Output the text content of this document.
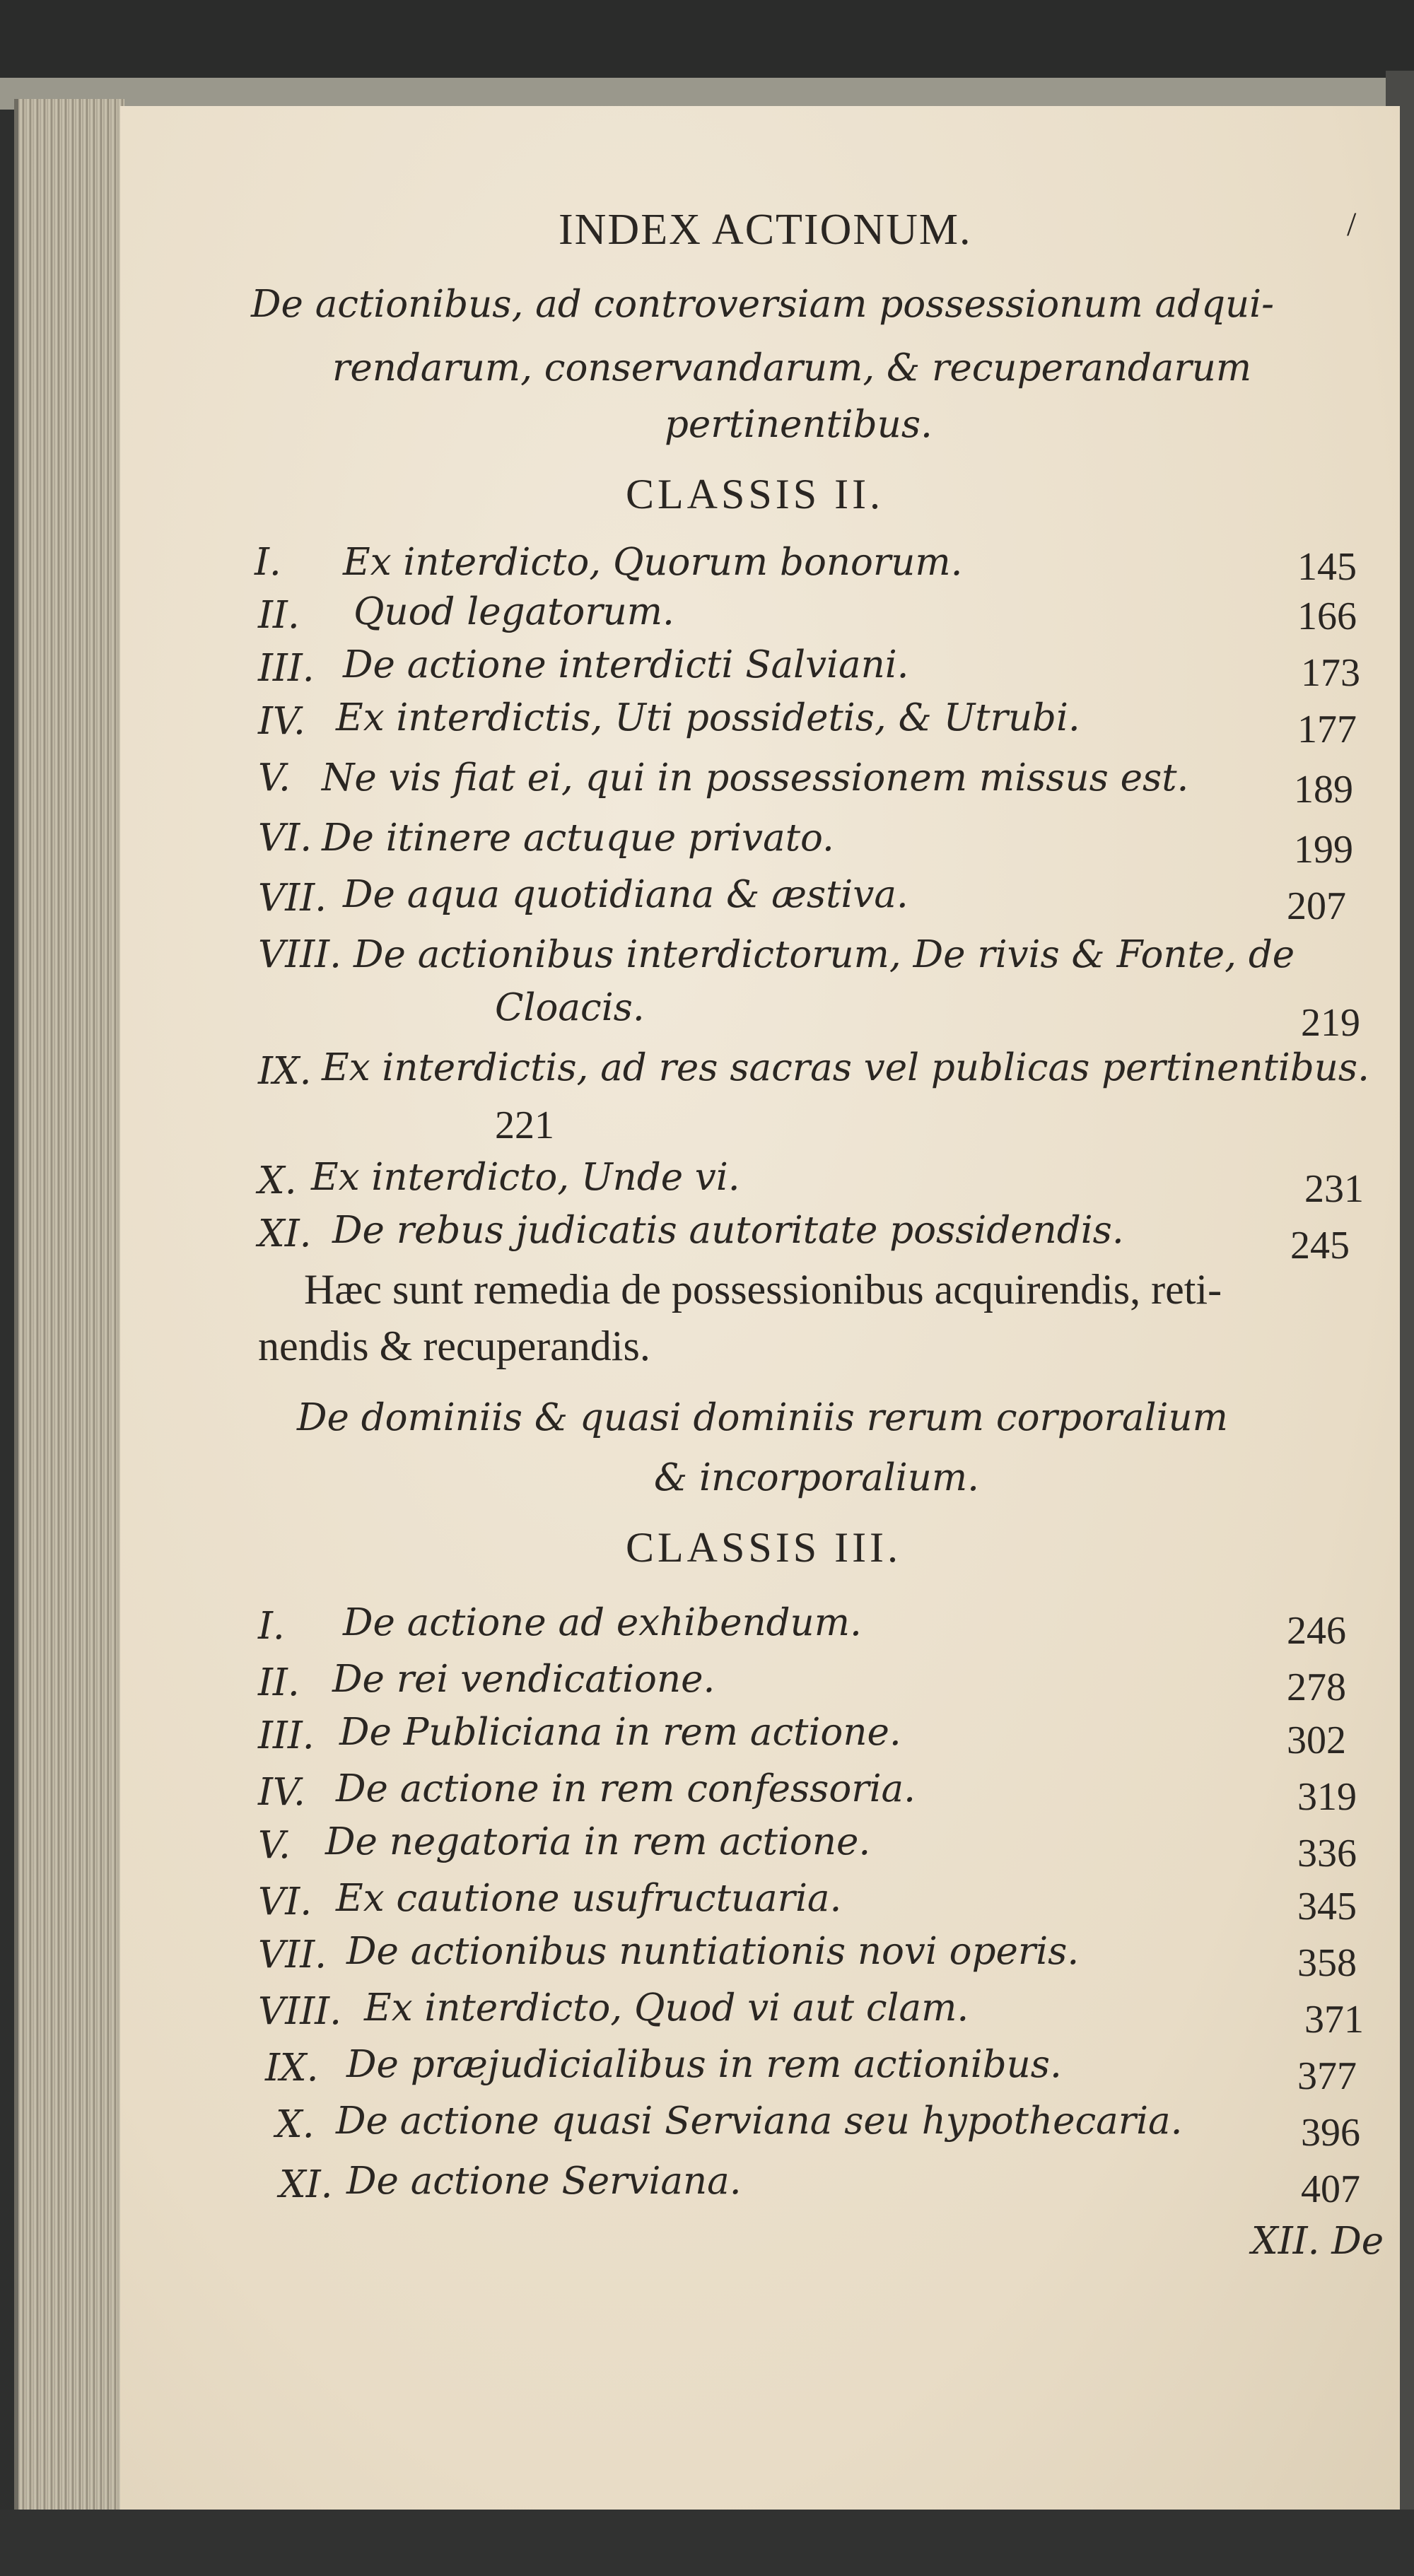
INDEX ACTIONUM.	/
De actionibus, ad controversiam possessionum adqui-
rendarum, conservandarum, & recuperandarum
pertinentibus.
CLASSIS II.
I. Ex interdicto, Quorum bonorum.	145
II. Quod legatorum.	166
III. De actione interdicti Salviani.	173
IV. Ex interdictis, Uti possidetis, & Utrubi.	177
V. Ne vis fiat ei, qui in possessionem missus est.	189
VI. De itinere actuque privato.	199
VII. De aqua quotidiana & æstiva.	207
VIII. De actionibus interdictorum, De rivis & Fonte, de
Cloacis.	219
IX. Ex interdictis, ad res sacras vel publicas pertinentibus.
221
X. Ex interdicto, Unde vi.	231
XI. De rebus judicatis autoritate possidendis.	245
Hæc sunt remedia de possessionibus acquirendis, reti-
nendis & recuperandis.
De dominiis & quasi dominiis rerum corporalium
& incorporalium.
CLASSIS III.
I. De actione ad exhibendum.	246
II. De rei vendicatione.	278
III. De Publiciana in rem actione.	302
IV. De actione in rem confessoria.	319
V. De negatoria in rem actione.	336
VI. Ex cautione usufructuaria.	345
VII. De actionibus nuntiationis novi operis.	358
VIII. Ex interdicto, Quod vi aut clam.	371
IX. De præjudicialibus in rem actionibus.	377
X. De actione quasi Serviana seu hypothecaria.	396
XI. De actione Serviana.	407
XII. De
